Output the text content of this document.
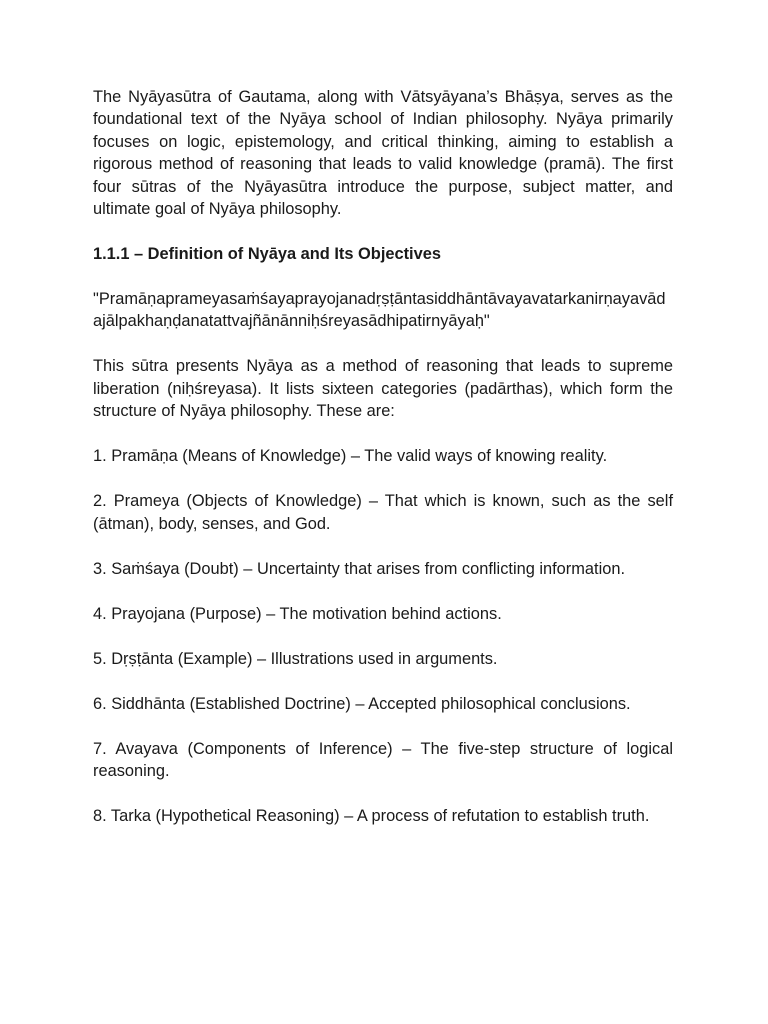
The Nyāyasūtra of Gautama, along with Vātsyāyana’s Bhāṣya, serves as the foundational text of the Nyāya school of Indian philosophy. Nyāya primarily focuses on logic, epistemology, and critical thinking, aiming to establish a rigorous method of reasoning that leads to valid knowledge (pramā). The first four sūtras of the Nyāyasūtra introduce the purpose, subject matter, and ultimate goal of Nyāya philosophy.

1.1.1 – Definition of Nyāya and Its Objectives

"Pramāṇaprameyasaṁśayaprayojanadṛṣṭāntasiddhāntāvayavatarkanirṇayavādajālpakhaṇḍanatattvajñānānniḥśreyasādhipatirnyāyaḥ"

This sūtra presents Nyāya as a method of reasoning that leads to supreme liberation (niḥśreyasa). It lists sixteen categories (padārthas), which form the structure of Nyāya philosophy. These are:

1. Pramāṇa (Means of Knowledge) – The valid ways of knowing reality.

2. Prameya (Objects of Knowledge) – That which is known, such as the self (ātman), body, senses, and God.

3. Saṁśaya (Doubt) – Uncertainty that arises from conflicting information.

4. Prayojana (Purpose) – The motivation behind actions.

5. Dṛṣṭānta (Example) – Illustrations used in arguments.

6. Siddhānta (Established Doctrine) – Accepted philosophical conclusions.

7. Avayava (Components of Inference) – The five-step structure of logical reasoning.

8. Tarka (Hypothetical Reasoning) – A process of refutation to establish truth.
